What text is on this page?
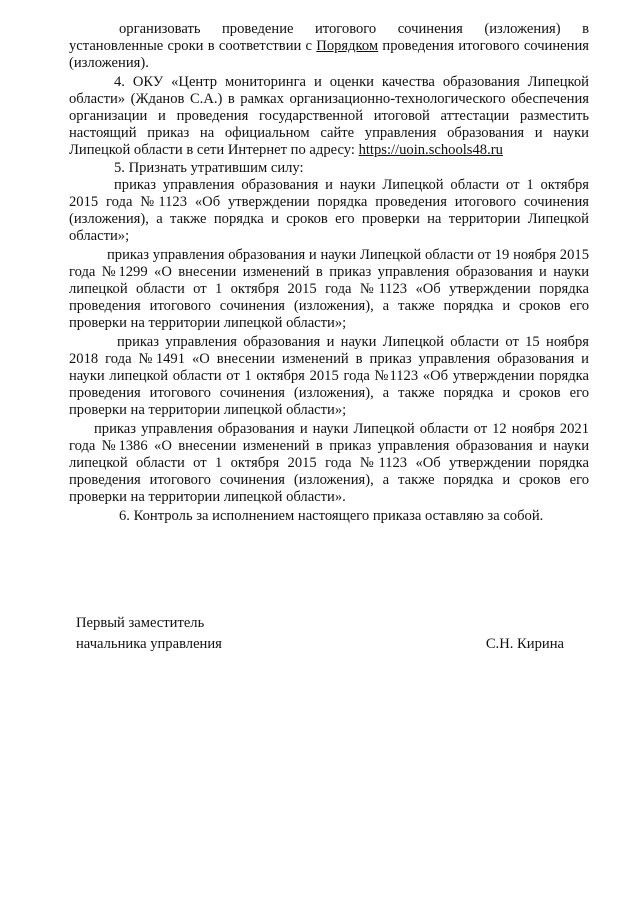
организовать проведение итогового сочинения (изложения) в установленные сроки в соответствии с Порядком проведения итогового сочинения (изложения).

4. ОКУ «Центр мониторинга и оценки качества образования Липецкой области» (Жданов С.А.) в рамках организационно-технологического обеспечения организации и проведения государственной итоговой аттестации разместить настоящий приказ на официальном сайте управления образования и науки Липецкой области в сети Интернет по адресу: https://uoin.schools48.ru

5. Признать утратившим силу:

приказ управления образования и науки Липецкой области от 1 октября 2015 года №1123 «Об утверждении порядка проведения итогового сочинения (изложения), а также порядка и сроков его проверки на территории Липецкой области»;

приказ управления образования и науки Липецкой области от 19 ноября 2015 года №1299 «О внесении изменений в приказ управления образования и науки липецкой области от 1 октября 2015 года №1123 «Об утверждении порядка проведения итогового сочинения (изложения), а также порядка и сроков его проверки на территории липецкой области»;

приказ управления образования и науки Липецкой области от 15 ноября 2018 года №1491 «О внесении изменений в приказ управления образования и науки липецкой области от 1 октября 2015 года №1123 «Об утверждении порядка проведения итогового сочинения (изложения), а также порядка и сроков его проверки на территории липецкой области»;

приказ управления образования и науки Липецкой области от 12 ноября 2021 года №1386 «О внесении изменений в приказ управления образования и науки липецкой области от 1 октября 2015 года №1123 «Об утверждении порядка проведения итогового сочинения (изложения), а также порядка и сроков его проверки на территории липецкой области».

6. Контроль за исполнением настоящего приказа оставляю за собой.

Первый заместитель
начальника управления	С.Н. Кирина
